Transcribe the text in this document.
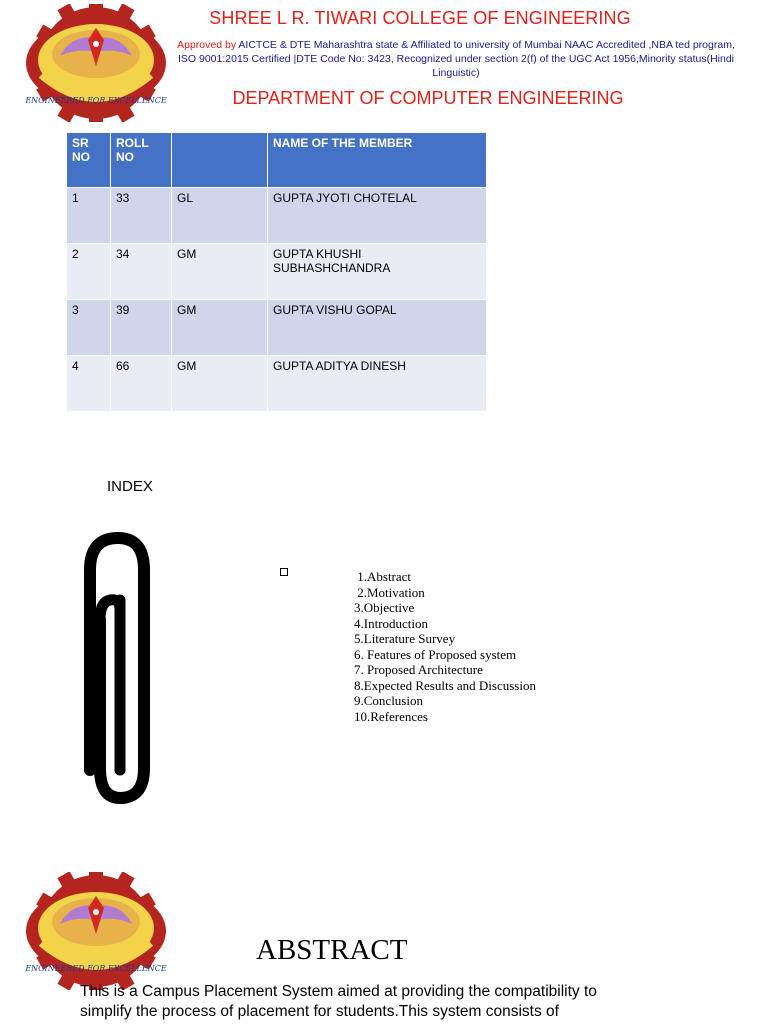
ENGINEERED FOR EXCELLENCE
SHREE L R. TIWARI COLLEGE OF ENGINEERING
Approved by AICTCE & DTE Maharashtra state & Affiliated to university of Mumbai NAAC Accredited ,NBA ted program, ISO 9001:2015 Certified |DTE Code No: 3423, Recognized under section 2(f) of the UGC Act 1956,Minority status(Hindi Linguistic)
DEPARTMENT OF COMPUTER ENGINEERING
SR NO	ROLL NO		NAME OF THE MEMBER
1	33	GL	GUPTA JYOTI CHOTELAL
2	34	GM	GUPTA KHUSHI SUBHASHCHANDRA
3	39	GM	GUPTA VISHU GOPAL
4	66	GM	GUPTA ADITYA DINESH
INDEX
1.Abstract
2.Motivation
3.Objective
4.Introduction
5.Literature Survey
6. Features of Proposed system
7. Proposed Architecture
8.Expected Results and Discussion
9.Conclusion
10.References
ENGINEERED FOR EXCELLENCE
ABSTRACT
This is a Campus Placement System aimed at providing the compatibility to simplify the process of placement for students.This system consists of
